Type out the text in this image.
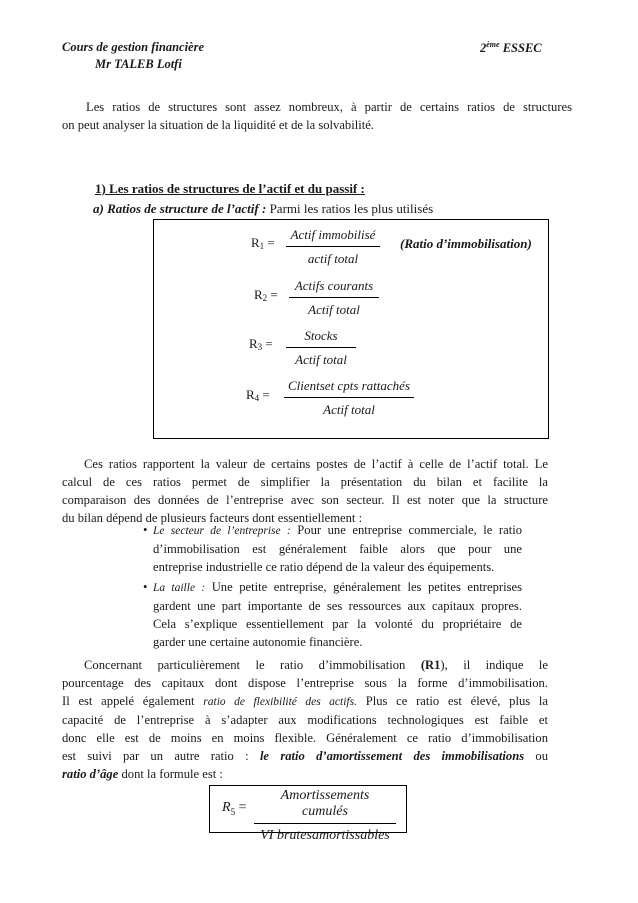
Cours de gestion financière
Mr TALEB Lotfi
2ème ESSEC
Les ratios de structures sont assez nombreux, à partir de certains ratios de structures
on peut analyser la situation de la liquidité et de la solvabilité.
1) Les ratios de structures de l’actif et du passif :
a) Ratios de structure de l’actif : Parmi les ratios les plus utilisés
$R_1$ =
Actif immobilisé
actif total
(Ratio d’immobilisation)
$R_2$ =
Actifs courants
Actif total
$R_3$ =
Stocks
Actif total
$R_4$ =
Clientset cpts rattachés
Actif total
Ces ratios rapportent la valeur de certains postes de l’actif à celle de l’actif total. Le
calcul de ces ratios permet de simplifier la présentation du bilan et facilite la
comparaison des données de l’entreprise avec son secteur. Il est noter que la structure
du bilan dépend de plusieurs facteurs dont essentiellement :
• Le secteur de l’entreprise : Pour une entreprise commerciale, le ratio
d’immobilisation est généralement faible alors que pour une
entreprise industrielle ce ratio dépend de la valeur des équipements.
• La taille : Une petite entreprise, généralement les petites entreprises
gardent une part importante de ses ressources aux capitaux propres.
Cela s’explique essentiellement par la volonté du propriétaire de
garder une certaine autonomie financière.
Concernant particulièrement le ratio d’immobilisation (R1), il indique le
pourcentage des capitaux dont dispose l’entreprise sous la forme d’immobilisation.
Il est appelé également ratio de flexibilité des actifs. Plus ce ratio est élevé, plus la
capacité de l’entreprise à s’adapter aux modifications technologiques est faible et
donc elle est de moins en moins flexible. Généralement ce ratio d’immobilisation
est suivi par un autre ratio : le ratio d’amortissement des immobilisations ou
ratio d’âge dont la formule est :
$R_5$ =
Amortissements cumulés
VI brutesamortissables
